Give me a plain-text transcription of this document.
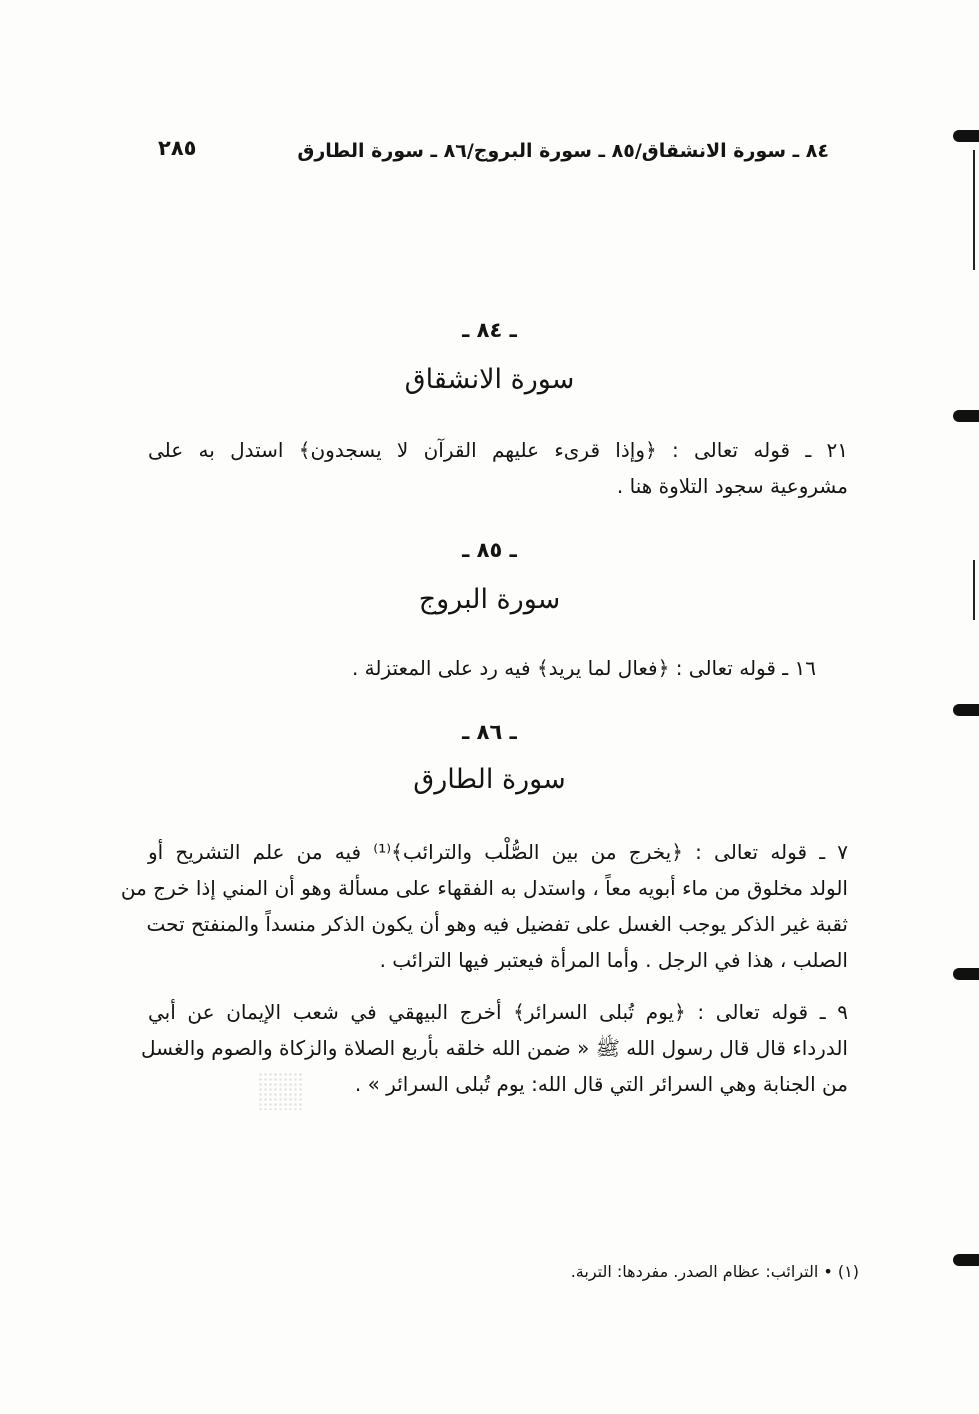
٢٨٥	٨٤ ـ سورة الانشقاق/٨٥ ـ سورة البروج/٨٦ ـ سورة الطارق
ـ ٨٤ ـ
سورة الانشقاق
٢١ ـ قوله تعالى : ﴿وإذا قرىء عليهم القرآن لا يسجدون﴾ استدل به على
مشروعية سجود التلاوة هنا .
ـ ٨٥ ـ
سورة البروج
١٦ ـ قوله تعالى : ﴿فعال لما يريد﴾ فيه رد على المعتزلة .
ـ ٨٦ ـ
سورة الطارق
٧ ـ قوله تعالى : ﴿يخرج من بين الصُّلْب والترائب﴾⁽¹⁾ فيه من علم التشريح أو
الولد مخلوق من ماء أبويه معاً ، واستدل به الفقهاء على مسألة وهو أن المني إذا خرج من
ثقبة غير الذكر يوجب الغسل على تفضيل فيه وهو أن يكون الذكر منسداً والمنفتح تحت
الصلب ، هذا في الرجل . وأما المرأة فيعتبر فيها الترائب .
٩ ـ قوله تعالى : ﴿يوم تُبلى السرائر﴾ أخرج البيهقي في شعب الإيمان عن أبي
الدرداء قال قال رسول الله ﷺ « ضمن الله خلقه بأربع الصلاة والزكاة والصوم والغسل
من الجنابة وهي السرائر التي قال الله: يوم تُبلى السرائر » .
(١) • الترائب: عظام الصدر. مفردها: التربة.
